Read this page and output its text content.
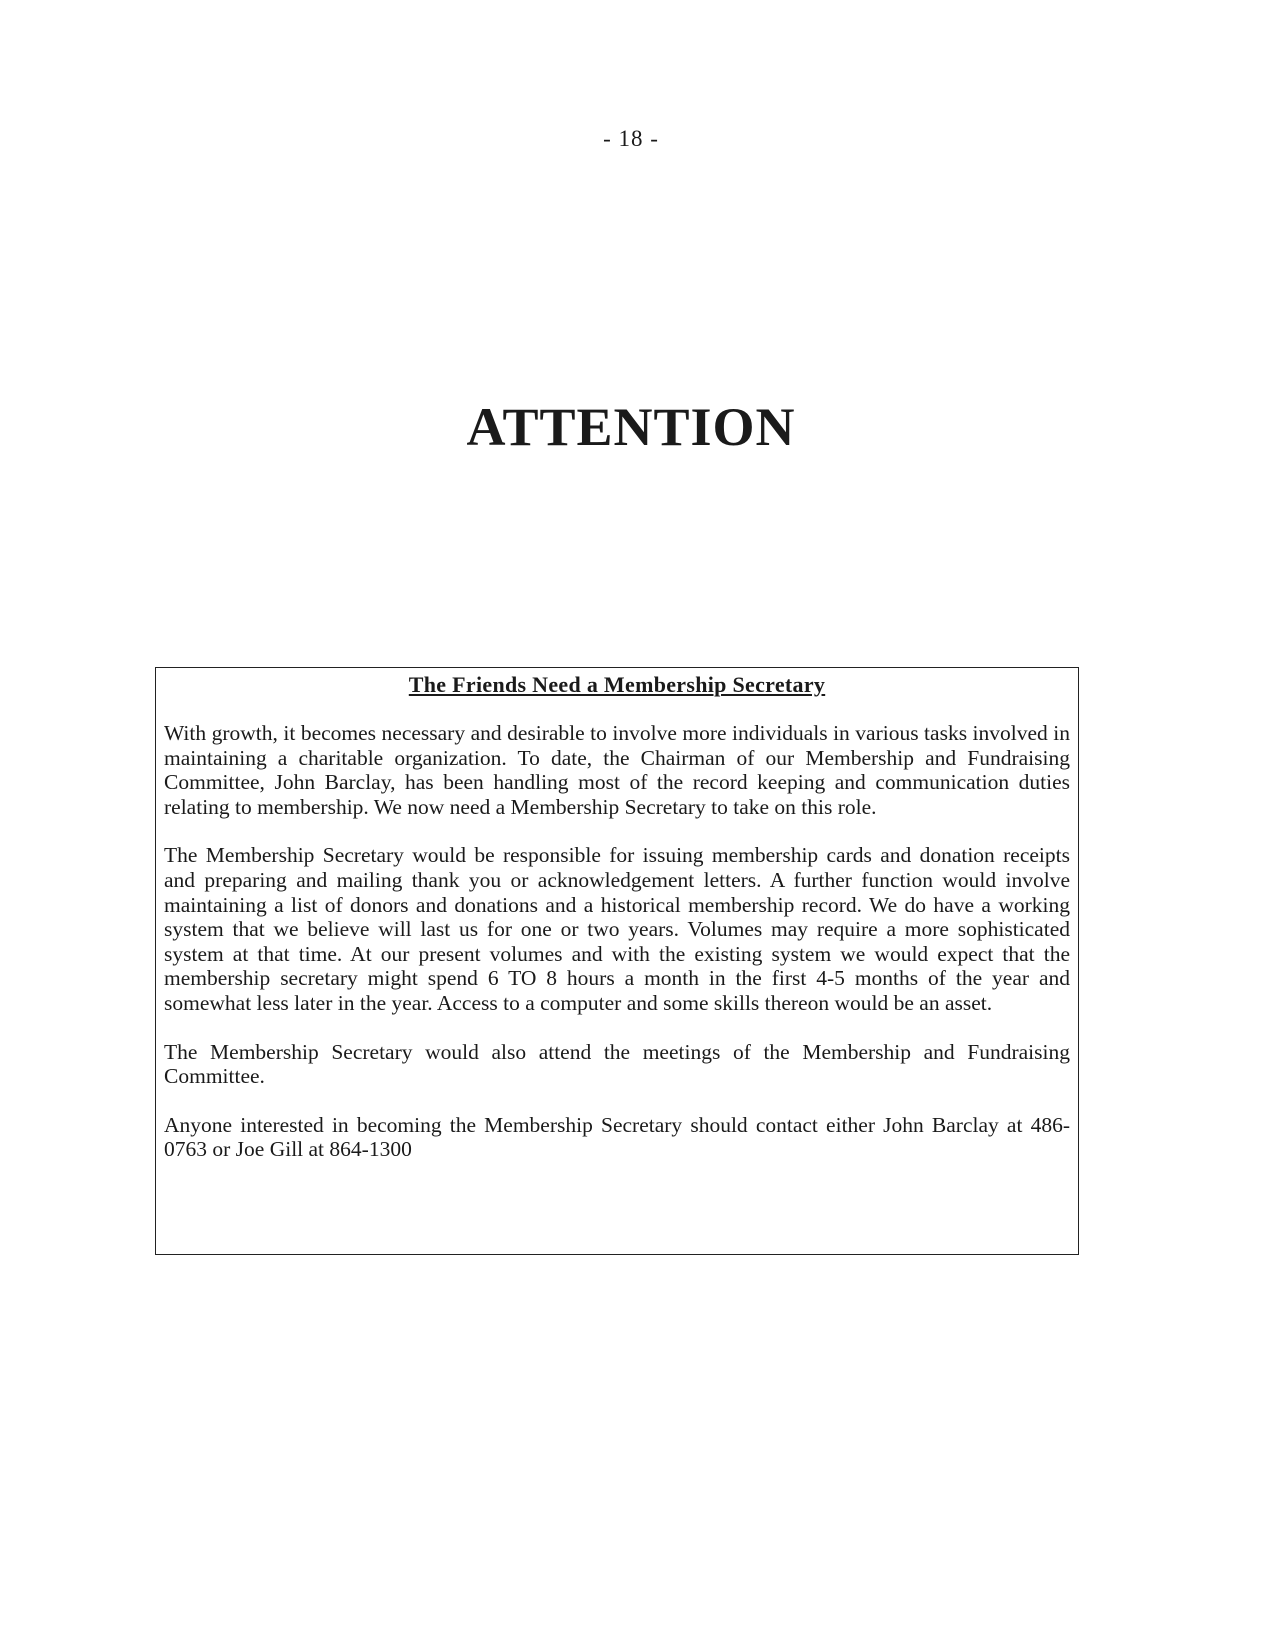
- 18 -
ATTENTION
The Friends Need a Membership Secretary

With growth, it becomes necessary and desirable to involve more individuals in various tasks involved in maintaining a charitable organization. To date, the Chairman of our Membership and Fundraising Committee, John Barclay, has been handling most of the record keeping and communication duties relating to membership. We now need a Membership Secretary to take on this role.

The Membership Secretary would be responsible for issuing membership cards and donation receipts and preparing and mailing thank you or acknowledgement letters. A further function would involve maintaining a list of donors and donations and a historical membership record. We do have a working system that we believe will last us for one or two years. Volumes may require a more sophisticated system at that time. At our present volumes and with the existing system we would expect that the membership secretary might spend 6 TO 8 hours a month in the first 4-5 months of the year and somewhat less later in the year. Access to a computer and some skills thereon would be an asset.

The Membership Secretary would also attend the meetings of the Membership and Fundraising Committee.

Anyone interested in becoming the Membership Secretary should contact either John Barclay at 486-0763 or Joe Gill at 864-1300
